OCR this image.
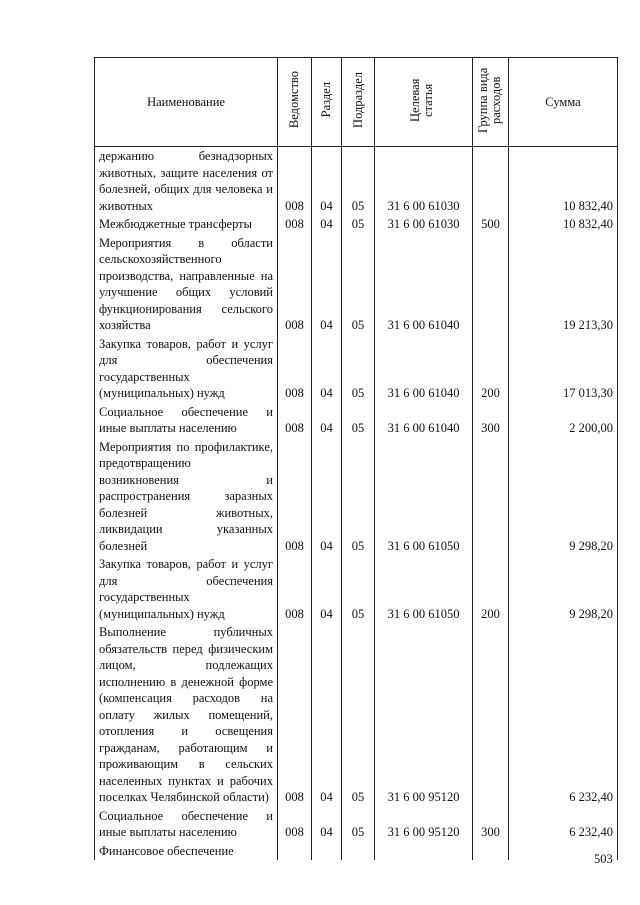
Наименование	Ведомство	Раздел	Подраздел	Целевая статья	Группа вида расходов	Сумма
держанию безнадзорных животных, защите населения от болезней, общих для человека и животных	008	04	05	31 6 00 61030		10 832,40
Межбюджетные трансферты	008	04	05	31 6 00 61030	500	10 832,40
Мероприятия в области сельскохозяйственного производства, направленные на улучшение общих условий функционирования сельского хозяйства	008	04	05	31 6 00 61040		19 213,30
Закупка товаров, работ и услуг для обеспечения государственных (муниципальных) нужд	008	04	05	31 6 00 61040	200	17 013,30
Социальное обеспечение и иные выплаты населению	008	04	05	31 6 00 61040	300	2 200,00
Мероприятия по профилактике, предотвращению возникновения и распространения заразных болезней животных, ликвидации указанных болезней	008	04	05	31 6 00 61050		9 298,20
Закупка товаров, работ и услуг для обеспечения государственных (муниципальных) нужд	008	04	05	31 6 00 61050	200	9 298,20
Выполнение публичных обязательств перед физическим лицом, подлежащих исполнению в денежной форме (компенсация расходов на оплату жилых помещений, отопления и освещения гражданам, работающим и проживающим в сельских населенных пунктах и рабочих поселках Челябинской области)	008	04	05	31 6 00 95120		6 232,40
Социальное обеспечение и иные выплаты населению	008	04	05	31 6 00 95120	300	6 232,40
Финансовое обеспечение						
503
